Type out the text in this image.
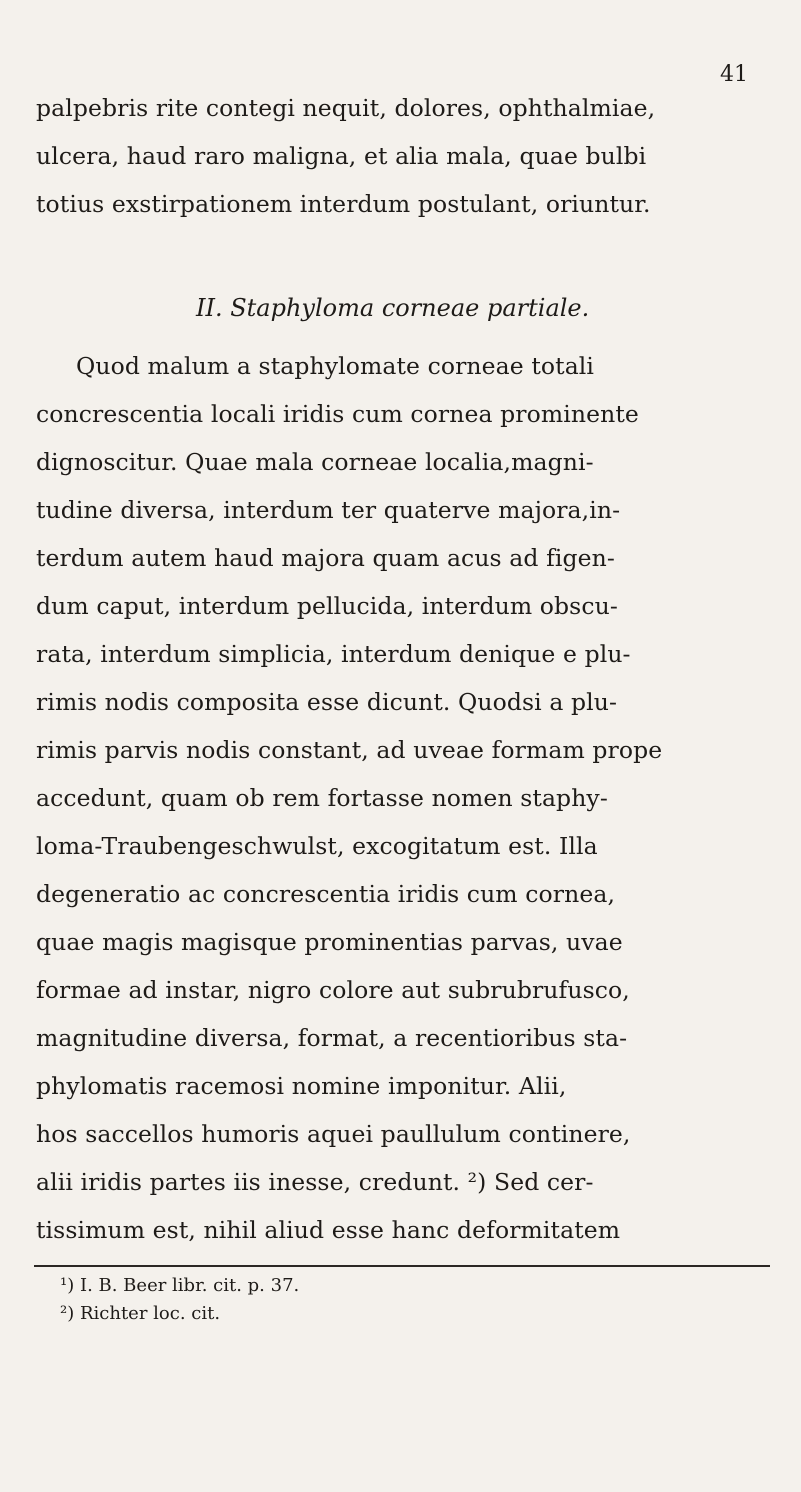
41
palpebris rite contegi nequit, dolores, ophthalmiae,
ulcera, haud raro maligna, et alia mala, quae bulbi
totius exstirpationem interdum postulant, oriuntur.
II. Staphyloma corneae partiale.
Quod malum a staphylomate corneae totali
concrescentia locali iridis cum cornea prominente
dignoscitur. Quae mala corneae localia,magni-
tudine diversa, interdum ter quaterve majora,in-
terdum autem haud majora quam acus ad figen-
dum caput, interdum pellucida, interdum obscu-
rata, interdum simplicia, interdum denique e plu-
rimis nodis composita esse dicunt. Quodsi a plu-
rimis parvis nodis constant, ad uveae formam prope
accedunt, quam ob rem fortasse nomen staphy-
loma-Traubengeschwulst, excogitatum est. Illa
degeneratio ac concrescentia iridis cum cornea,
quae magis magisque prominentias parvas, uvae
formae ad instar, nigro colore aut subrubrufusco,
magnitudine diversa, format, a recentioribus sta-
phylomatis racemosi nomine imponitur. Alii,
hos saccellos humoris aquei paullulum continere,
alii iridis partes iis inesse, credunt. ²) Sed cer-
tissimum est, nihil aliud esse hanc deformitatem
¹) I. B. Beer libr. cit. p. 37.
²) Richter loc. cit.
